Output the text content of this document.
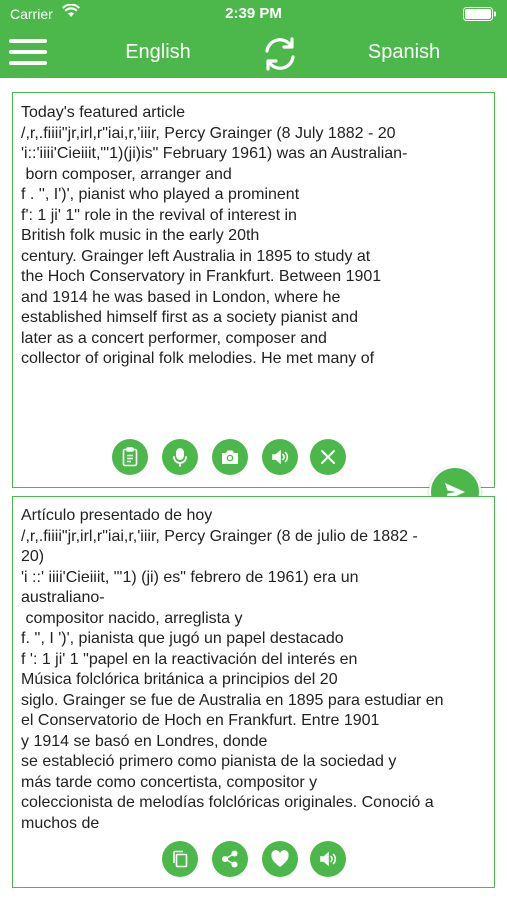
Carrier	2:39 PM
English	Spanish
Today's featured article
/,r,.fiiii"jr,irl,r"iai,r,'iiir, Percy Grainger (8 July 1882 - 20
'i::'iiii'Cieiiit,"'1)(ji)is" February 1961) was an Australian-
born composer, arranger and
f . '', I')', pianist who played a prominent
f': 1 ji' 1" role in the revival of interest in
British folk music in the early 20th
century. Grainger left Australia in 1895 to study at
the Hoch Conservatory in Frankfurt. Between 1901
and 1914 he was based in London, where he
established himself first as a society pianist and
later as a concert performer, composer and
collector of original folk melodies. He met many of
Artículo presentado de hoy
/,r,.fiiii"jr,irl,r"iai,r,'iiir, Percy Grainger (8 de julio de 1882 -
20)
'i ::' iiii'Cieiiit, "'1) (ji) es" febrero de 1961) era un
australiano-
compositor nacido, arreglista y
f. '', I ')', pianista que jugó un papel destacado
f ': 1 ji' 1 "papel en la reactivación del interés en
Música folclórica británica a principios del 20
siglo. Grainger se fue de Australia en 1895 para estudiar en
el Conservatorio de Hoch en Frankfurt. Entre 1901
y 1914 se basó en Londres, donde
se estableció primero como pianista de la sociedad y
más tarde como concertista, compositor y
coleccionista de melodías folclóricas originales. Conoció a
muchos de
